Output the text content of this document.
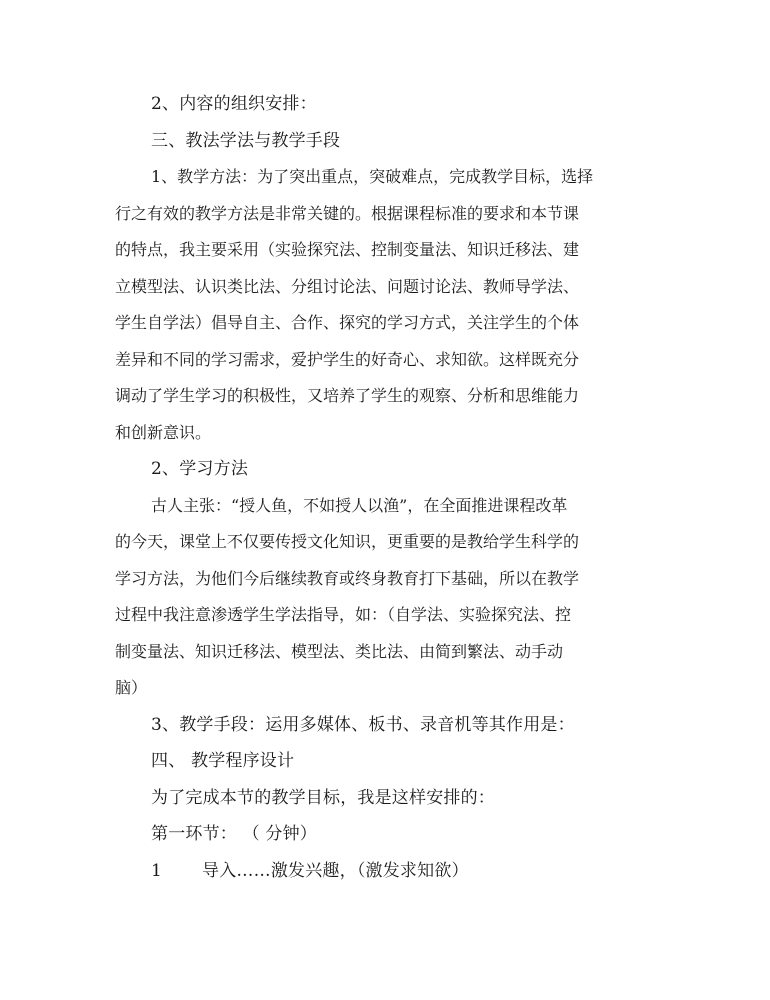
2、内容的组织安排：
三、教法学法与教学手段
1、教学方法：为了突出重点，突破难点，完成教学目标，选择
行之有效的教学方法是非常关键的。根据课程标准的要求和本节课
的特点，我主要采用（实验探究法、控制变量法、知识迁移法、建
立模型法、认识类比法、分组讨论法、问题讨论法、教师导学法、
学生自学法）倡导自主、合作、探究的学习方式，关注学生的个体
差异和不同的学习需求，爱护学生的好奇心、求知欲。这样既充分
调动了学生学习的积极性，又培养了学生的观察、分析和思维能力
和创新意识。
2、学习方法
古人主张：“授人鱼，不如授人以渔”，在全面推进课程改革
的今天，课堂上不仅要传授文化知识，更重要的是教给学生科学的
学习方法，为他们今后继续教育或终身教育打下基础，所以在教学
过程中我注意渗透学生学法指导，如：（自学法、实验探究法、控
制变量法、知识迁移法、模型法、类比法、由简到繁法、动手动
脑）
3、教学手段：运用多媒体、板书、录音机等其作用是：
四、 教学程序设计
为了完成本节的教学目标，我是这样安排的：
第一环节： （ 分钟）
1 导入……激发兴趣，（激发求知欲）
